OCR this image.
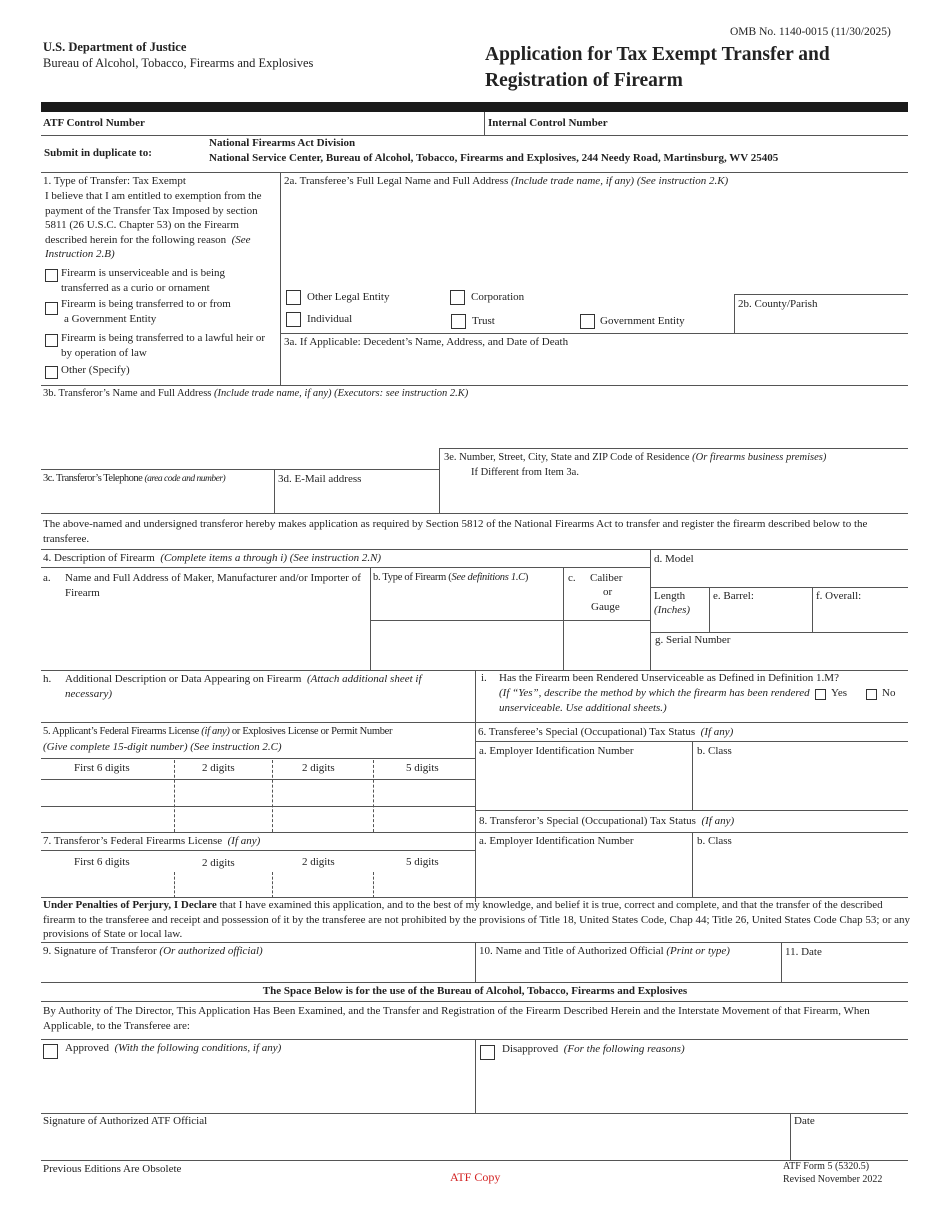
OMB No. 1140-0015 (11/30/2025)
U.S. Department of Justice
Bureau of Alcohol, Tobacco, Firearms and Explosives	Application for Tax Exempt Transfer and
Registration of Firearm
ATF Control Number	Internal Control Number
Submit in duplicate to:
National Firearms Act Division
National Service Center, Bureau of Alcohol, Tobacco, Firearms and Explosives, 244 Needy Road, Martinsburg, WV 25405
1. Type of Transfer: Tax Exempt
I believe that I am entitled to exemption from the payment of the Transfer Tax Imposed by section 5811 (26 U.S.C. Chapter 53) on the Firearm described herein for the following reason (See Instruction 2.B)
Firearm is unserviceable and is being transferred as a curio or ornament
Firearm is being transferred to or from
a Government Entity
Firearm is being transferred to a lawful heir or by operation of law
Other (Specify)
2a. Transferee’s Full Legal Name and Full Address (Include trade name, if any) (See instruction 2.K)
Other Legal Entity	Corporation
Individual	Trust	Government Entity
2b. County/Parish
3a. If Applicable: Decedent’s Name, Address, and Date of Death
3b. Transferor’s Name and Full Address (Include trade name, if any) (Executors: see instruction 2.K)
3e. Number, Street, City, State and ZIP Code of Residence (Or firearms business premises)
If Different from Item 3a.
3c. Transferor’s Telephone (area code and number)	3d. E-Mail address
The above-named and undersigned transferor hereby makes application as required by Section 5812 of the National Firearms Act to transfer and register the firearm described below to the transferee.
4. Description of Firearm (Complete items a through i) (See instruction 2.N)	d. Model
a. Name and Full Address of Maker, Manufacturer and/or Importer of Firearm
b. Type of Firearm (See definitions 1.C)	c. Caliber
or
Gauge
Length
(Inches)
e. Barrel:	f. Overall:
g. Serial Number
h. Additional Description or Data Appearing on Firearm (Attach additional sheet if necessary)
i. Has the Firearm been Rendered Unserviceable as Defined in Definition 1.M?
(If “Yes”, describe the method by which the firearm has been rendered unserviceable. Use additional sheets.)
Yes	No
5. Applicant’s Federal Firearms License (if any) or Explosives License or Permit Number
(Give complete 15-digit number) (See instruction 2.C)
First 6 digits	2 digits	2 digits	5 digits
6. Transferee’s Special (Occupational) Tax Status (If any)
a. Employer Identification Number	b. Class
8. Transferor’s Special (Occupational) Tax Status (If any)
a. Employer Identification Number	b. Class
7. Transferor’s Federal Firearms License (If any)
First 6 digits	2 digits	2 digits	5 digits
Under Penalties of Perjury, I Declare that I have examined this application, and to the best of my knowledge, and belief it is true, correct and complete, and that the transfer of the described firearm to the transferee and receipt and possession of it by the transferee are not prohibited by the provisions of Title 18, United States Code, Chap 44; Title 26, United States Code Chap 53; or any provisions of State or local law.
9. Signature of Transferor (Or authorized official)	10. Name and Title of Authorized Official (Print or type)	11. Date
The Space Below is for the use of the Bureau of Alcohol, Tobacco, Firearms and Explosives
By Authority of The Director, This Application Has Been Examined, and the Transfer and Registration of the Firearm Described Herein and the Interstate Movement of that Firearm, When Applicable, to the Transferee are:
Approved (With the following conditions, if any)	Disapproved (For the following reasons)
Signature of Authorized ATF Official	Date
Previous Editions Are Obsolete
ATF Copy
ATF Form 5 (5320.5)
Revised November 2022
